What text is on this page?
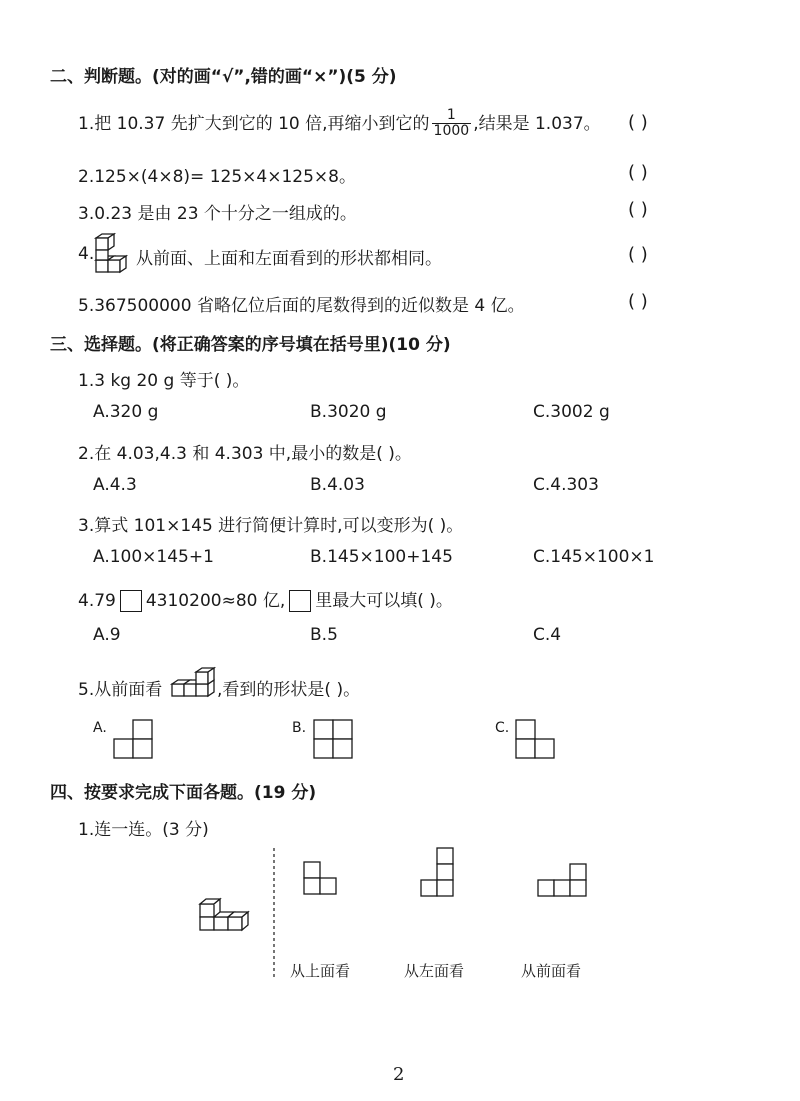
二、判断题。(对的画“√”,错的画“×”)(5 分)
1.把 10.37 先扩大到它的 10 倍,再缩小到它的 $\frac{1}{1000}$ ,结果是 1.037。 ( )
2.125×(4×8)= 125×4×125×8。	( )
3.0.23 是由 23 个十分之一组成的。	( )
4. 从前面、上面和左面看到的形状都相同。	( )
5.367500000 省略亿位后面的尾数得到的近似数是 4 亿。	( )
三、选择题。(将正确答案的序号填在括号里)(10 分)
1.3 kg 20 g 等于( )。
A.320 g	B.3020 g	C.3002 g
2.在 4.03,4.3 和 4.303 中,最小的数是( )。
A.4.3	B.4.03	C.4.303
3.算式 101×145 进行简便计算时,可以变形为( )。
A.100×145+1	B.145×100+145	C.145×100×1
4.79 4310200≈80 亿, 里最大可以填( )。
A.9	B.5	C.4
5.从前面看	,看到的形状是( )。
A.	B.	C.
四、按要求完成下面各题。(19 分)
1.连一连。(3 分)
从上面看	从左面看	从前面看
2
